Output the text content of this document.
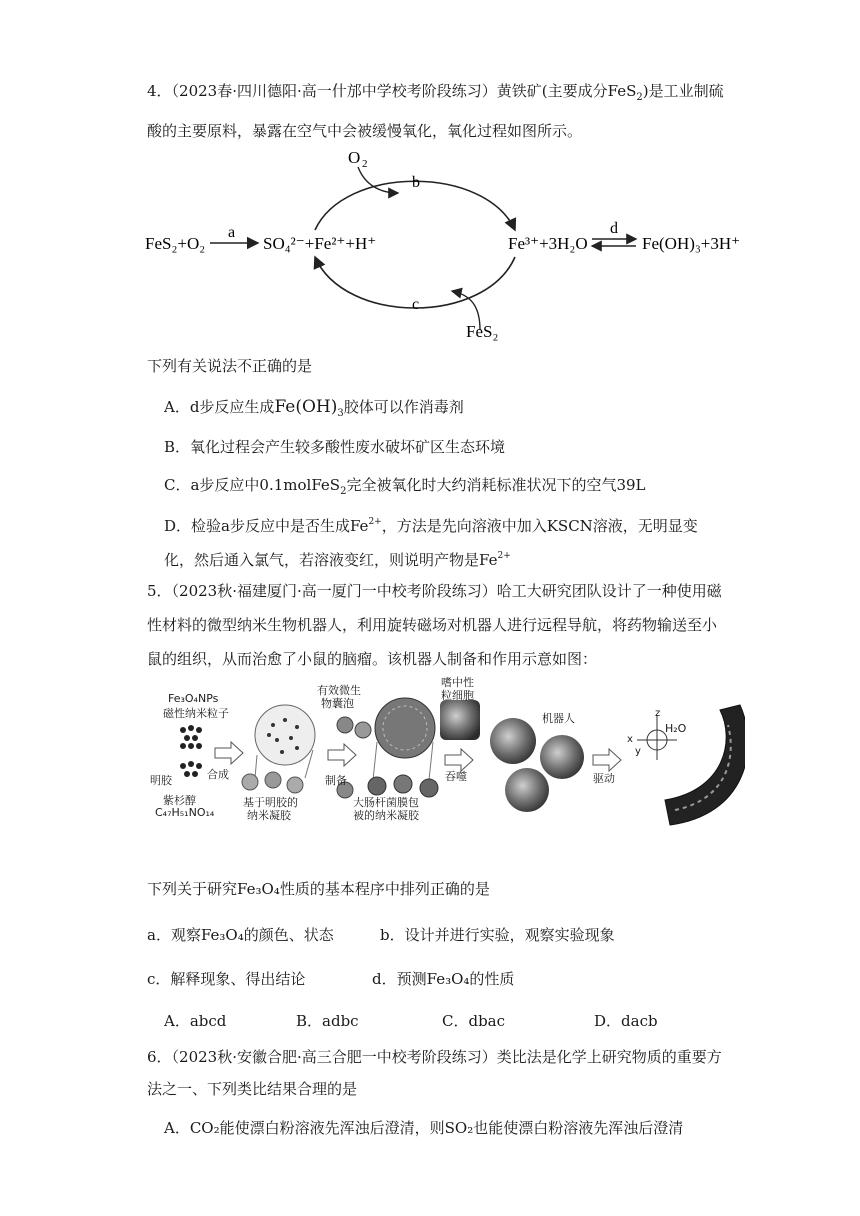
4．（2023春·四川德阳·高一什邡中学校考阶段练习）黄铁矿(主要成分FeS$_2$)是工业制硫
酸的主要原料，暴露在空气中会被缓慢氧化，氧化过程如图所示。
O 2
b
FeS₂
c
FeS₂+O₂
a
SO₄²⁻+Fe²⁺+H⁺	Fe³⁺+3H₂O
d
Fe(OH)₃+3H⁺
下列有关说法不正确的是
A．d步反应生成$Fe(OH)_3$胶体可以作消毒剂
B．氧化过程会产生较多酸性废水破坏矿区生态环境
C．a步反应中0.1molFeS$_2$完全被氧化时大约消耗标准状况下的空气39L
D．检验a步反应中是否生成$Fe^{2+}$，方法是先向溶液中加入KSCN溶液，无明显变
化，然后通入氯气，若溶液变红，则说明产物是$Fe^{2+}$
5．（2023秋·福建厦门·高一厦门一中校考阶段练习）哈工大研究团队设计了一种使用磁
性材料的微型纳米生物机器人，利用旋转磁场对机器人进行远程导航，将药物输送至小
鼠的组织，从而治愈了小鼠的脑瘤。该机器人制备和作用示意如图：
Fe₃O₄NPs
磁性纳米粒子
明胶	合成
紫杉醇
C₄₇H₅₁NO₁₄
基于明胶的
纳米凝胶
有效微生
物囊泡
制备
大肠杆菌膜包
被的纳米凝胶
嗜中性
粒细胞
吞噬
机器人
驱动
z
x
y
H₂O
下列关于研究Fe₃O₄性质的基本程序中排列正确的是
a．观察Fe₃O₄的颜色、状态	b．设计并进行实验，观察实验现象
c．解释现象、得出结论	d．预测Fe₃O₄的性质
A．abcd	B．adbc	C．dbac	D．dacb
6．（2023秋·安徽合肥·高三合肥一中校考阶段练习）类比法是化学上研究物质的重要方
法之一、下列类比结果合理的是
A．CO₂能使漂白粉溶液先浑浊后澄清，则SO₂也能使漂白粉溶液先浑浊后澄清
